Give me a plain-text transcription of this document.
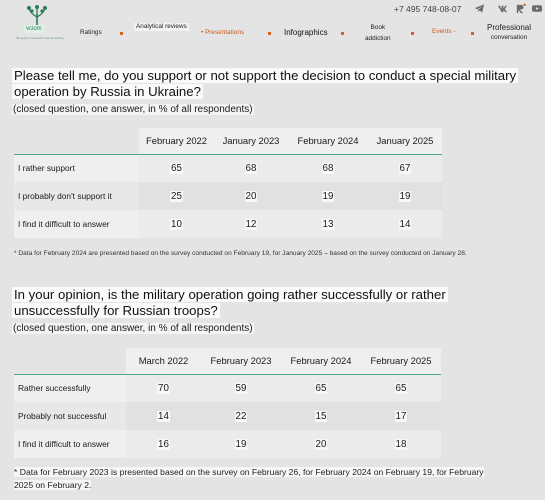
vciom
35 years of research and consulting
Ratings
Analytical reviews
• Presentations	Infographics
Book
addiction
Events -	Professional
conversation
+7 495 748-08-07
Please tell me, do you support or not support the decision to conduct a special military
operation by Russia in Ukraine?
(closed question, one answer, in % of all respondents)
	February 2022	January 2023	February 2024	January 2025
I rather support	65	68	68	67
I probably don't support it	25	20	19	19
I find it difficult to answer	10	12	13	14
* Data for February 2024 are presented based on the survey conducted on February 19, for January 2025 – based on the survey conducted on January 28.
In your opinion, is the military operation going rather successfully or rather
unsuccessfully for Russian troops?
(closed question, one answer, in % of all respondents)
	March 2022	February 2023	February 2024	February 2025
Rather successfully	70	59	65	65
Probably not successful	14	22	15	17
I find it difficult to answer	16	19	20	18
* Data for February 2023 is presented based on the survey on February 26, for February 2024 on February 19, for February
2025 on February 2.
